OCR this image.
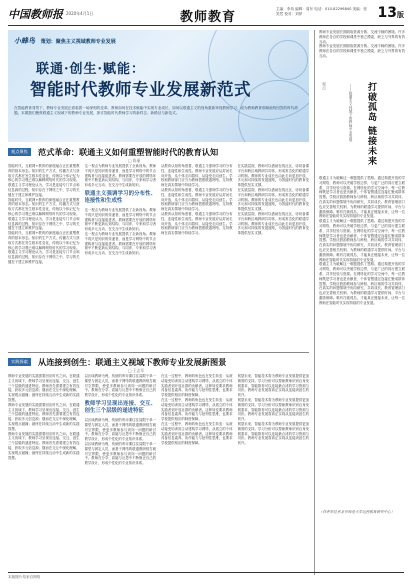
中国教师报 2020年4月1日	教师教育
主编：李凤 编辑：周东 电话：010-82296840 美编：张笑然 校对：刘梦	13版
小蜂鸟 策划：聚焦主义视域教师专业发展
联通·创生·赋能：
智能时代教师专业发展新范式
在智能教育背景下，教师专业发展正面临着一场深刻的变革。教师如何在技术赋能中实现专业成长，如何以联通主义的视角重新审视教师学习，成为教师教育领域亟待回答的时代命题。本期我们聚焦联通主义视域下的教师专业发展，探讨智能时代教师学习的新样态、新路径与新范式。
观点聚焦	范式革命：联通主义如何重塑智能时代的教育认知
□ 陈丽

智能时代，互联网+教育的深度融合正在重塑教育的基本形态。知识的生产方式、传播方式与获取方式都在发生根本性变化，传统以个体记忆为核心的学习观已难以解释网络时代的学习现象。联通主义学习理论认为，学习是连接专门节点和信息源的过程，知识存在于网络之中，学习的关键在于建立和维护连接。

智能时代，互联网+教育的深度融合正在重塑教育的基本形态。知识的生产方式、传播方式与获取方式都在发生根本性变化，传统以个体记忆为核心的学习观已难以解释网络时代的学习现象。联通主义学习理论认为，学习是连接专门节点和信息源的过程，知识存在于网络之中，学习的关键在于建立和维护连接。

智能时代，互联网+教育的深度融合正在重塑教育的基本形态。知识的生产方式、传播方式与获取方式都在发生根本性变化，传统以个体记忆为核心的学习观已难以解释网络时代的学习现象。联通主义学习理论认为，学习是连接专门节点和信息源的过程，知识存在于网络之中，学习的关键在于建立和维护连接。

这一观点为教师专业发展提供了全新视角。教师不再只是知识的传递者，而是学习网络中的节点建构者与连接促进者。教师需要在开放的网络环境中不断更新认知结构，与同伴、专家和学习者形成多元互动，在交互中生成新知识。

联通主义强调学习的分布性、连接性和生成性

这一观点为教师专业发展提供了全新视角。教师不再只是知识的传递者，而是学习网络中的节点建构者与连接促进者。教师需要在开放的网络环境中不断更新认知结构，与同伴、专家和学习者形成多元互动，在交互中生成新知识。

这一观点为教师专业发展提供了全新视角。教师不再只是知识的传递者，而是学习网络中的节点建构者与连接促进者。教师需要在开放的网络环境中不断更新认知结构，与同伴、专家和学习者形成多元互动，在交互中生成新知识。

从教育认知的角度看，联通主义强调学习的分布性、连接性和生成性。教师专业发展应从封闭走向开放，从个体走向群体，从接受走向创生。学校和教研部门应当为教师搭建联通网络，支持教师在真实情境中持续学习。

从教育认知的角度看，联通主义强调学习的分布性、连接性和生成性。教师专业发展应从封闭走向开放，从个体走向群体，从接受走向创生。学校和教研部门应当为教师搭建联通网络，支持教师在真实情境中持续学习。

从教育认知的角度看，联通主义强调学习的分布性、连接性和生成性。教师专业发展应从封闭走向开放，从个体走向群体，从接受走向创生。学校和教研部门应当为教师搭建联通网络，支持教师在真实情境中持续学习。

在实践层面，教师可以借助在线社区、协同备课平台和跨区域教研共同体，形成常态化的联通学习机制。教师的专业成长也由此走向更加开放、多元和可持续的发展道路，为智能时代的教育变革提供坚实支撑。

在实践层面，教师可以借助在线社区、协同备课平台和跨区域教研共同体，形成常态化的联通学习机制。教师的专业成长也由此走向更加开放、多元和可持续的发展道路，为智能时代的教育变革提供坚实支撑。

在实践层面，教师可以借助在线社区、协同备课平台和跨区域教研共同体，形成常态化的联通学习机制。教师的专业成长也由此走向更加开放、多元和可持续的发展道路，为智能时代的教育变革提供坚实支撑。

实践探索	从连接到创生：联通主义视域下教师专业发展新图景
□ 王志军

教师专业发展的实践需要回应时代之问。在联通主义视域下，教师学习呈现出连接、交互、创生三个层级的递进特征。教师首先需要建立有效连接，获取多元信息源；继而在交互中深化理解，实现观点碰撞；最终在持续互动中生成新的实践智慧。

教师专业发展的实践需要回应时代之问。在联通主义视域下，教师学习呈现出连接、交互、创生三个层级的递进特征。教师首先需要建立有效连接，获取多元信息源；继而在交互中深化理解，实现观点碰撞；最终在持续互动中生成新的实践智慧。

教师专业发展的实践需要回应时代之问。在联通主义视域下，教师学习呈现出连接、交互、创生三个层级的递进特征。教师首先需要建立有效连接，获取多元信息源；继而在交互中深化理解，实现观点碰撞；最终在持续互动中生成新的实践智慧。

以区域教研为例，传统的听评课往往局限于单一课堂与固定人员，而基于网络的联通教研则打破时空界限，使更多教师参与到同一问题的研讨中。教师在分享、质疑与反思中不断修正自己的教学设计，形成个性化的专业知识体系。

教师学习呈现出连接、交互、创生三个层级的递进特征

以区域教研为例，传统的听评课往往局限于单一课堂与固定人员，而基于网络的联通教研则打破时空界限，使更多教师参与到同一问题的研讨中。教师在分享、质疑与反思中不断修正自己的教学设计，形成个性化的专业知识体系。

以区域教研为例，传统的听评课往往局限于单一课堂与固定人员，而基于网络的联通教研则打破时空界限，使更多教师参与到同一问题的研讨中。教师在分享、质疑与反思中不断修正自己的教学设计，形成个性化的专业知识体系。

在这一过程中，教师的角色也在发生转变：从被动接受培训到主动建构学习网络，从孤立的个体实践者到开放社群的贡献者。这种转变要求教师具备信息素养、协作能力与批判性思维，也要求学校提供相应的制度保障。

在这一过程中，教师的角色也在发生转变：从被动接受培训到主动建构学习网络，从孤立的个体实践者到开放社群的贡献者。这种转变要求教师具备信息素养、协作能力与批判性思维，也要求学校提供相应的制度保障。

在这一过程中，教师的角色也在发生转变：从被动接受培训到主动建构学习网络，从孤立的个体实践者到开放社群的贡献者。这种转变要求教师具备信息素养、协作能力与批判性思维，也要求学校提供相应的制度保障。

展望未来，智能技术将为教师专业发展提供更加精准的支持。学习分析可以帮助教师识别自身发展需求，智能推荐可以连接最合适的学习资源与同伴。教师专业发展将真正实现从连接到创生的跃升。

展望未来，智能技术将为教师专业发展提供更加精准的支持。学习分析可以帮助教师识别自身发展需求，智能推荐可以连接最合适的学习资源与同伴。教师专业发展将真正实现从连接到创生的跃升。

展望未来，智能技术将为教师专业发展提供更加精准的支持。学习分析可以帮助教师识别自身发展需求，智能推荐可以连接最合适的学习资源与同伴。教师专业发展将真正实现从连接到创生的跃升。

教师专业发展长期面临资源分散、交流不畅的困境。许多教师在各自的学校和课堂中独立摸索，缺乏与外界的有效互动。

教师专业发展长期面临资源分散、交流不畅的困境。许多教师在各自的学校和课堂中独立摸索，缺乏与外界的有效互动。

观点	——联通主义视域下的教师专业发展 打破孤岛 链接未来

联通主义为破解这一难题提供了思路。通过构建开放的学习网络，教师可以突破学校边界，与更广泛的同行建立联系，共享经验与资源。在网络化的学习空间中，每一位教师既是学习者也是贡献者，个体智慧通过连接汇聚成群体智慧。学校应鼓励教师参与跨校、跨区域的学习共同体，在真实的问题情境中协同研究、共同成长。教育管理部门也应完善相关机制，为教师的联通学习提供时间、平台与激励保障。唯有打破孤岛，才能真正链接未来，让每一位教师在智能时代实现持续的专业发展。

联通主义为破解这一难题提供了思路。通过构建开放的学习网络，教师可以突破学校边界，与更广泛的同行建立联系，共享经验与资源。在网络化的学习空间中，每一位教师既是学习者也是贡献者，个体智慧通过连接汇聚成群体智慧。学校应鼓励教师参与跨校、跨区域的学习共同体，在真实的问题情境中协同研究、共同成长。教育管理部门也应完善相关机制，为教师的联通学习提供时间、平台与激励保障。唯有打破孤岛，才能真正链接未来，让每一位教师在智能时代实现持续的专业发展。

联通主义为破解这一难题提供了思路。通过构建开放的学习网络，教师可以突破学校边界，与更广泛的同行建立联系，共享经验与资源。在网络化的学习空间中，每一位教师既是学习者也是贡献者，个体智慧通过连接汇聚成群体智慧。学校应鼓励教师参与跨校、跨区域的学习共同体，在真实的问题情境中协同研究、共同成长。教育管理部门也应完善相关机制，为教师的联通学习提供时间、平台与激励保障。唯有打破孤岛，才能真正链接未来，让每一位教师在智能时代实现持续的专业发展。

（作者单位系北京师范大学远程教育研究中心）
本版图片均来自网络
